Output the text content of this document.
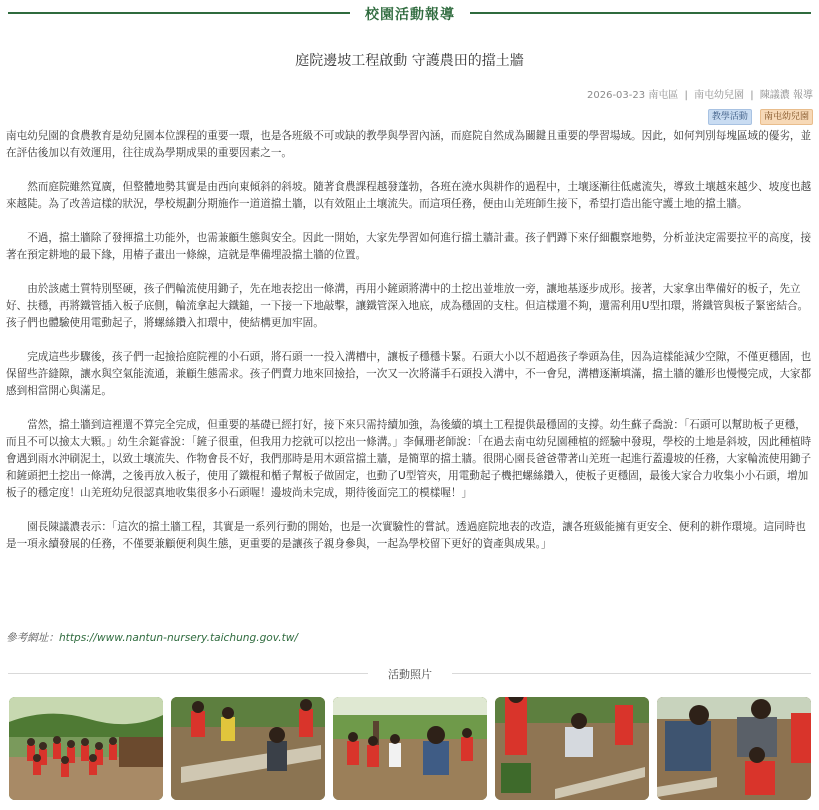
校園活動報導
庭院邊坡工程啟動 守護農田的擋土牆
2026-03-23 南屯區 | 南屯幼兒園 | 陳議濃 報導
教學活動 南屯幼兒園

南屯幼兒園的食農教育是幼兒園本位課程的重要一環，也是各班級不可或缺的教學與學習內涵，而庭院自然成為關鍵且重要的學習場域。因此，如何判別每塊區域的優劣，並在評估後加以有效運用，往往成為學期成果的重要因素之一。

然而庭院雖然寬廣，但整體地勢其實是由西向東傾斜的斜坡。隨著食農課程越發蓬勃，各班在澆水與耕作的過程中，土壤逐漸往低處流失，導致土壤越來越少、坡度也越來越陡。為了改善這樣的狀況，學校規劃分期施作一道道擋土牆，以有效阻止土壤流失。而這項任務，便由山羌班師生接下，希望打造出能守護土地的擋土牆。

不過，擋土牆除了發揮擋土功能外，也需兼顧生態與安全。因此一開始，大家先學習如何進行擋土牆計畫。孩子們蹲下來仔細觀察地勢，分析並決定需要拉平的高度，接著在預定耕地的最下緣，用樁子畫出一條線，這就是準備埋設擋土牆的位置。

由於該處土質特別堅硬，孩子們輪流使用鋤子，先在地表挖出一條溝，再用小鏟頭將溝中的土挖出並堆放一旁，讓地基逐步成形。接著，大家拿出準備好的板子，先立好、扶穩，再將鐵管插入板子底側，輪流拿起大鐵鎚，一下接一下地敲擊，讓鐵管深入地底，成為穩固的支柱。但這樣還不夠，還需利用U型扣環，將鐵管與板子緊密結合。孩子們也體驗使用電動起子，將螺絲鑽入扣環中，使結構更加牢固。

完成這些步驟後，孩子們一起撿拾庭院裡的小石頭，將石頭一一投入溝槽中，讓板子穩穩卡緊。石頭大小以不超過孩子拳頭為佳，因為這樣能減少空隙，不僅更穩固，也保留些許縫隙，讓水與空氣能流通，兼顧生態需求。孩子們賣力地來回撿拾，一次又一次將滿手石頭投入溝中，不一會兒，溝槽逐漸填滿，擋土牆的雛形也慢慢完成，大家都感到相當開心與滿足。

當然，擋土牆到這裡還不算完全完成，但重要的基礎已經打好，接下來只需持續加強，為後續的填土工程提供最穩固的支撐。幼生蘇子喬說：「石頭可以幫助板子更穩，而且不可以撿太大顆。」幼生余鋌睿說：「鏟子很重，但我用力挖就可以挖出一條溝。」李佩珊老師說：「在過去南屯幼兒園種植的經驗中發現，學校的土地是斜坡，因此種植時會遇到雨水沖刷泥土，以致土壤流失、作物會長不好，我們那時是用木頭當擋土牆，是簡單的擋土牆。很開心園長爸爸帶著山羌班一起進行蓋邊坡的任務，大家輪流使用鋤子和鏟頭把土挖出一條溝，之後再放入板子，使用了鐵棍和楯子幫板子做固定，也動了U型管夾，用電動起子機把螺絲鑽入，使板子更穩固，最後大家合力收集小小石頭，增加板子的穩定度！山羌班幼兒很認真地收集很多小石頭喔！邊坡尚未完成，期待後面完工的模樣喔！」

園長陳議濃表示：「這次的擋土牆工程，其實是一系列行動的開始，也是一次實驗性的嘗試。透過庭院地表的改造，讓各班級能擁有更安全、便利的耕作環境。這同時也是一項永續發展的任務，不僅要兼顧便利與生態，更重要的是讓孩子親身參與，一起為學校留下更好的資產與成果。」

參考網址：https://www.nantun-nursery.taichung.gov.tw/
活動照片
